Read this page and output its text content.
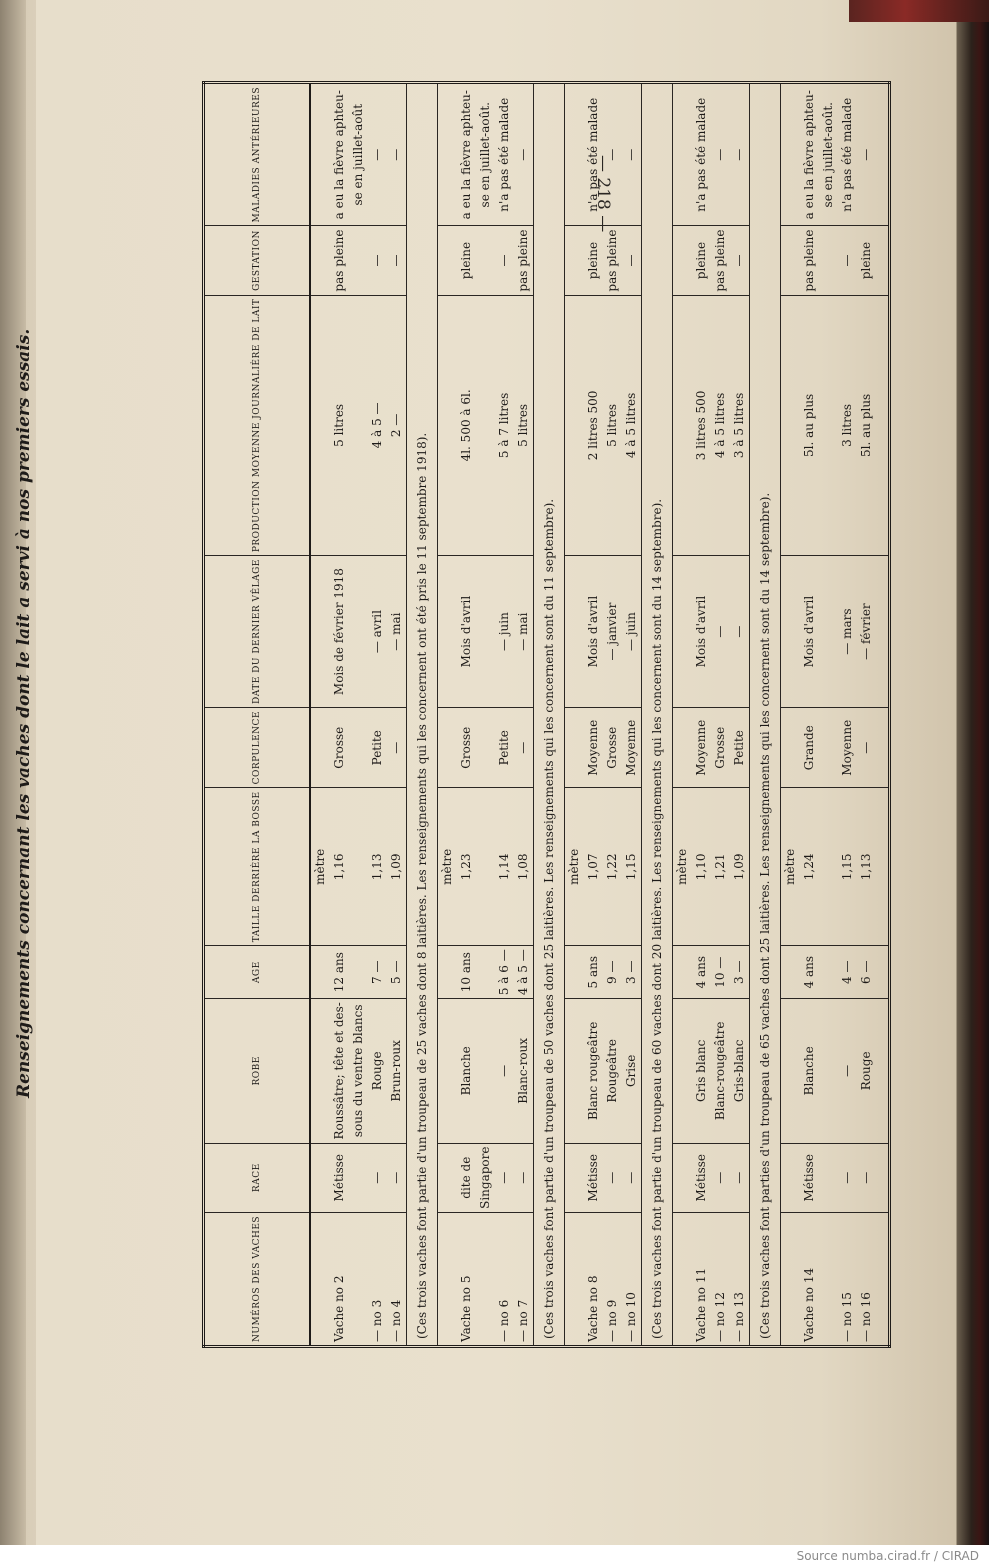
— 218 —
Renseignements concernant les vaches dont le lait a servi à nos premiers essais.
NUMÉROS DES VACHES	RACE	ROBE	AGE	TAILLE DERRIÈRE LA BOSSE	CORPULENCE	DATE DU DERNIER VÊLAGE	PRODUCTION MOYENNE JOURNALIÈRE DE LAIT	GESTATION	MALADIES ANTÉRIEURES
				mètre					
Vache no 2	Métisse	Roussâtre; tête et des-	12 ans	1,16	Grosse	Mois de février 1918	5 litres	pas pleine	a eu la fièvre aphteu-
		sous du ventre blancs							se en juillet-août
— no 3	—	Rouge	7 —	1,13	Petite	— avril	4 à 5 —	—	—
— no 4	—	Brun-roux	5 —	1,09	—	— mai	2 —	—	—
(Ces trois vaches font partie d'un troupeau de 25 vaches dont 8 laitières. Les renseignements qui les concernent ont été pris le 11 septembre 1918).									
				mètre					
Vache no 5	dite de	Blanche	10 ans	1,23	Grosse	Mois d'avril	4l. 500 à 6l.	pleine	a eu la fièvre aphteu-
	Singapore								se en juillet-août.
— no 6	—	—	5 à 6 —	1,14	Petite	— juin	5 à 7 litres	—	n'a pas été malade
— no 7	—	Blanc-roux	4 à 5 —	1,08	—	— mai	5 litres	pas pleine	—
(Ces trois vaches font partie d'un troupeau de 50 vaches dont 25 laitières. Les renseignements qui les concernent sont du 11 septembre).									
				mètre					
Vache no 8	Métisse	Blanc rougeâtre	5 ans	1,07	Moyenne	Mois d'avril	2 litres 500	pleine	n'a pas été malade
— no 9	—	Rougeâtre	9 —	1,22	Grosse	— janvier	5 litres	pas pleine	—
— no 10	—	Grise	3 —	1,15	Moyenne	— juin	4 à 5 litres	—	—
(Ces trois vaches font partie d'un troupeau de 60 vaches dont 20 laitières. Les renseignements qui les concernent sont du 14 septembre).									
				mètre					
Vache no 11	Métisse	Gris blanc	4 ans	1,10	Moyenne	Mois d'avril	3 litres 500	pleine	n'a pas été malade
— no 12	—	Blanc-rougeâtre	10 —	1,21	Grosse	—	4 à 5 litres	pas pleine	—
— no 13	—	Gris-blanc	3 —	1,09	Petite	—	3 à 5 litres	—	—
(Ces trois vaches font parties d'un troupeau de 65 vaches dont 25 laitières. Les renseignements qui les concernent sont du 14 septembre).									
				mètre					
Vache no 14	Métisse	Blanche	4 ans	1,24	Grande	Mois d'avril	5l. au plus	pas pleine	a eu la fièvre aphteu-
									se en juillet-août.
— no 15	—	—	4 —	1,15	Moyenne	— mars	3 litres	—	n'a pas été malade
— no 16	—	Rouge	6 —	1,13	—	— février	5l. au plus	pleine	—

Source numba.cirad.fr / CIRAD
